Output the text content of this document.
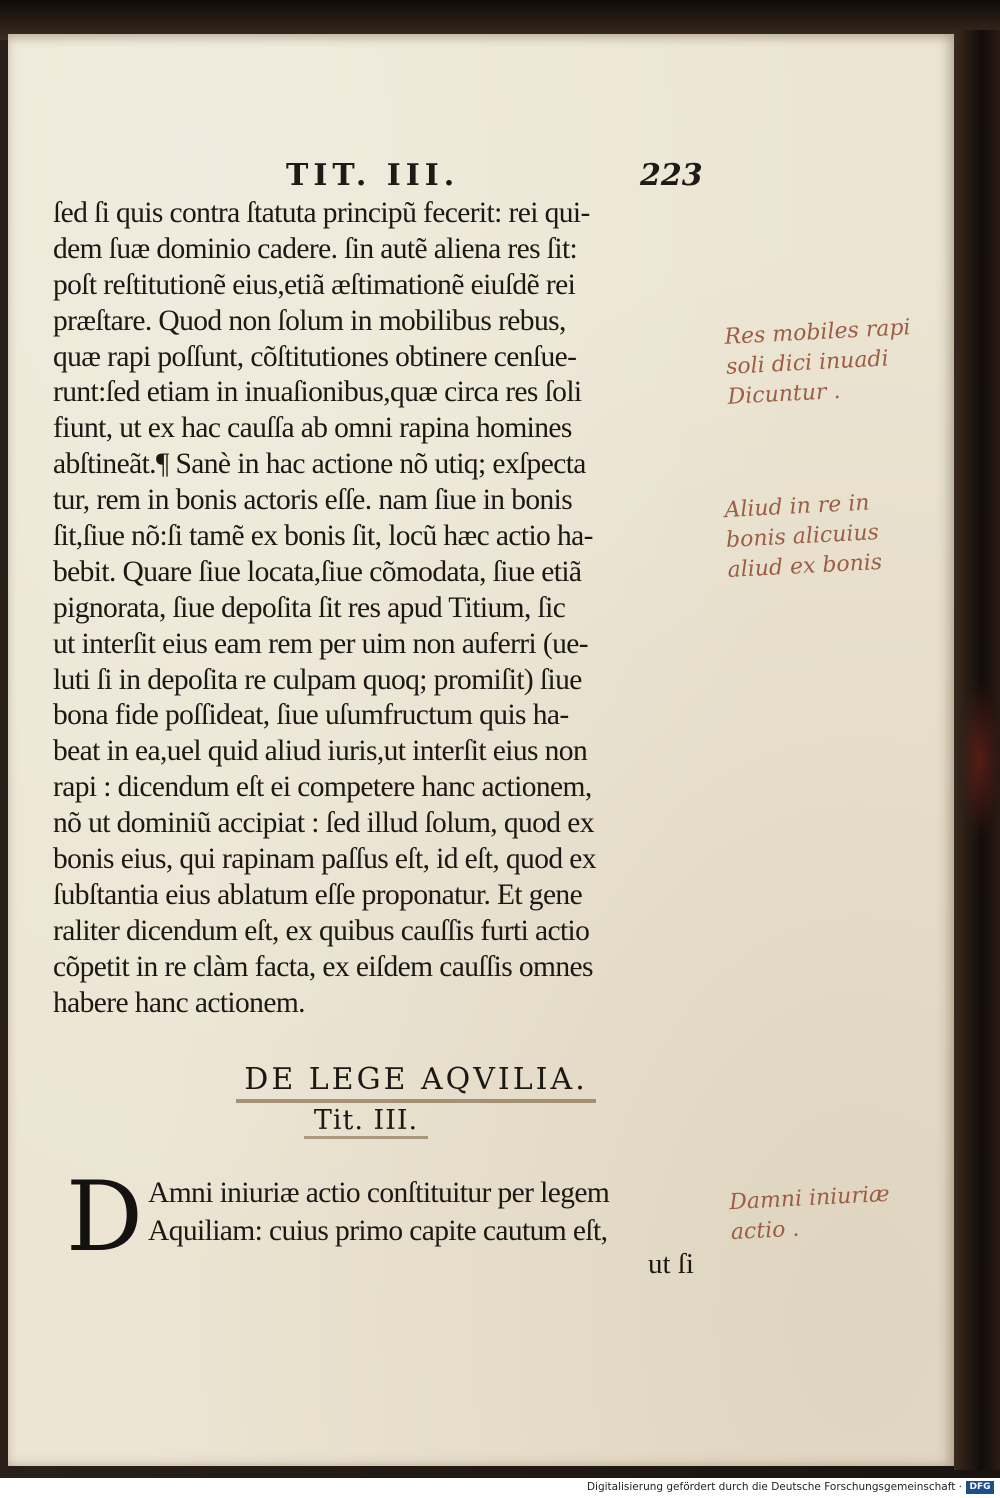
TIT. III.	223
ſed ſi quis contra ſtatuta principũ fecerit: rei qui-
dem ſuæ dominio cadere. ſin autẽ aliena res ſit:
poſt reſtitutionẽ eius,etiã æſtimationẽ eiuſdẽ rei
præſtare. Quod non ſolum in mobilibus rebus,
quæ rapi poſſunt, cõſtitutiones obtinere cenſue-
runt:ſed etiam in inuaſionibus,quæ circa res ſoli
fiunt, ut ex hac cauſſa ab omni rapina homines
abſtineãt.¶ Sanè in hac actione nõ utiq; exſpecta
tur, rem in bonis actoris eſſe. nam ſiue in bonis
ſit,ſiue nõ:ſi tamẽ ex bonis ſit, locũ hæc actio ha-
bebit. Quare ſiue locata,ſiue cõmodata, ſiue etiã
pignorata, ſiue depoſita ſit res apud Titium, ſic
ut interſit eius eam rem per uim non auferri (ue-
luti ſi in depoſita re culpam quoq; promiſit) ſiue
bona fide poſſideat, ſiue uſumfructum quis ha-
beat in ea,uel quid aliud iuris,ut interſit eius non
rapi : dicendum eſt ei competere hanc actionem,
nõ ut dominiũ accipiat : ſed illud ſolum, quod ex
bonis eius, qui rapinam paſſus eſt, id eſt, quod ex
ſubſtantia eius ablatum eſſe proponatur. Et gene
raliter dicendum eſt, ex quibus cauſſis furti actio
cõpetit in re clàm facta, ex eiſdem cauſſis omnes
habere hanc actionem.
DE LEGE AQVILIA.
Tit. III.
D Amni iniuriæ actio conſtituitur per legem
Aquiliam: cuius primo capite cautum eſt,
ut ſi
Res mobiles rapi
soli dici inuadi
Dicuntur .
Aliud in re in
bonis alicuius
aliud ex bonis
Damni iniuriæ
actio .
Digitalisierung gefördert durch die Deutsche Forschungsgemeinschaft · DFG
